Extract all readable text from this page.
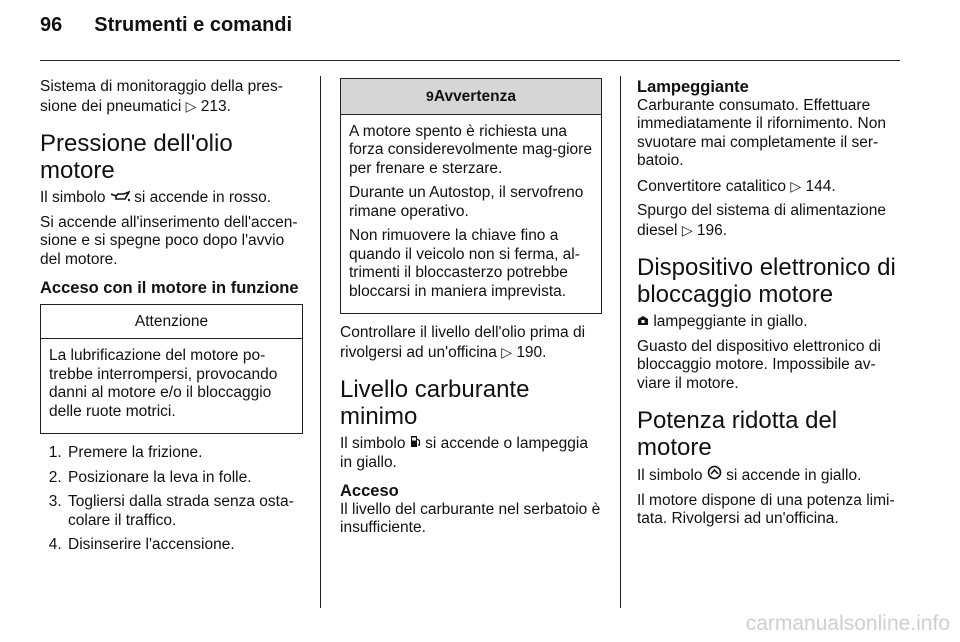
96 Strumenti e comandi

Sistema di monitoraggio della pres-sione dei pneumatici ▷ 213.

Pressione dell'olio motore

Il simbolo si accende in rosso.

Si accende all'inserimento dell'accen-sione e si spegne poco dopo l'avvio del motore.

Acceso con il motore in funzione
Attenzione

La lubrificazione del motore po-trebbe interrompersi, provocando danni al motore e/o il bloccaggio delle ruote motrici.

1. Premere la frizione.
2. Posizionare la leva in folle.
3. Togliersi dalla strada senza osta-colare il traffico.
4. Disinserire l'accensione.
9Avvertenza

A motore spento è richiesta una forza considerevolmente mag-giore per frenare e sterzare.

Durante un Autostop, il servofreno rimane operativo.

Non rimuovere la chiave fino a quando il veicolo non si ferma, al-trimenti il bloccasterzo potrebbe bloccarsi in maniera imprevista.

Controllare il livello dell'olio prima di rivolgersi ad un'officina ▷ 190.

Livello carburante minimo

Il simbolo si accende o lampeggia in giallo.

Acceso

Il livello del carburante nel serbatoio è insufficiente.

Lampeggiante

Carburante consumato. Effettuare immediatamente il rifornimento. Non svuotare mai completamente il ser-batoio.

Convertitore catalitico ▷ 144.

Spurgo del sistema di alimentazione diesel ▷ 196.

Dispositivo elettronico di bloccaggio motore

lampeggiante in giallo.

Guasto del dispositivo elettronico di bloccaggio motore. Impossibile av-viare il motore.

Potenza ridotta del motore

Il simbolo si accende in giallo.

Il motore dispone di una potenza limi-tata. Rivolgersi ad un'officina.

carmanualsonline.info
